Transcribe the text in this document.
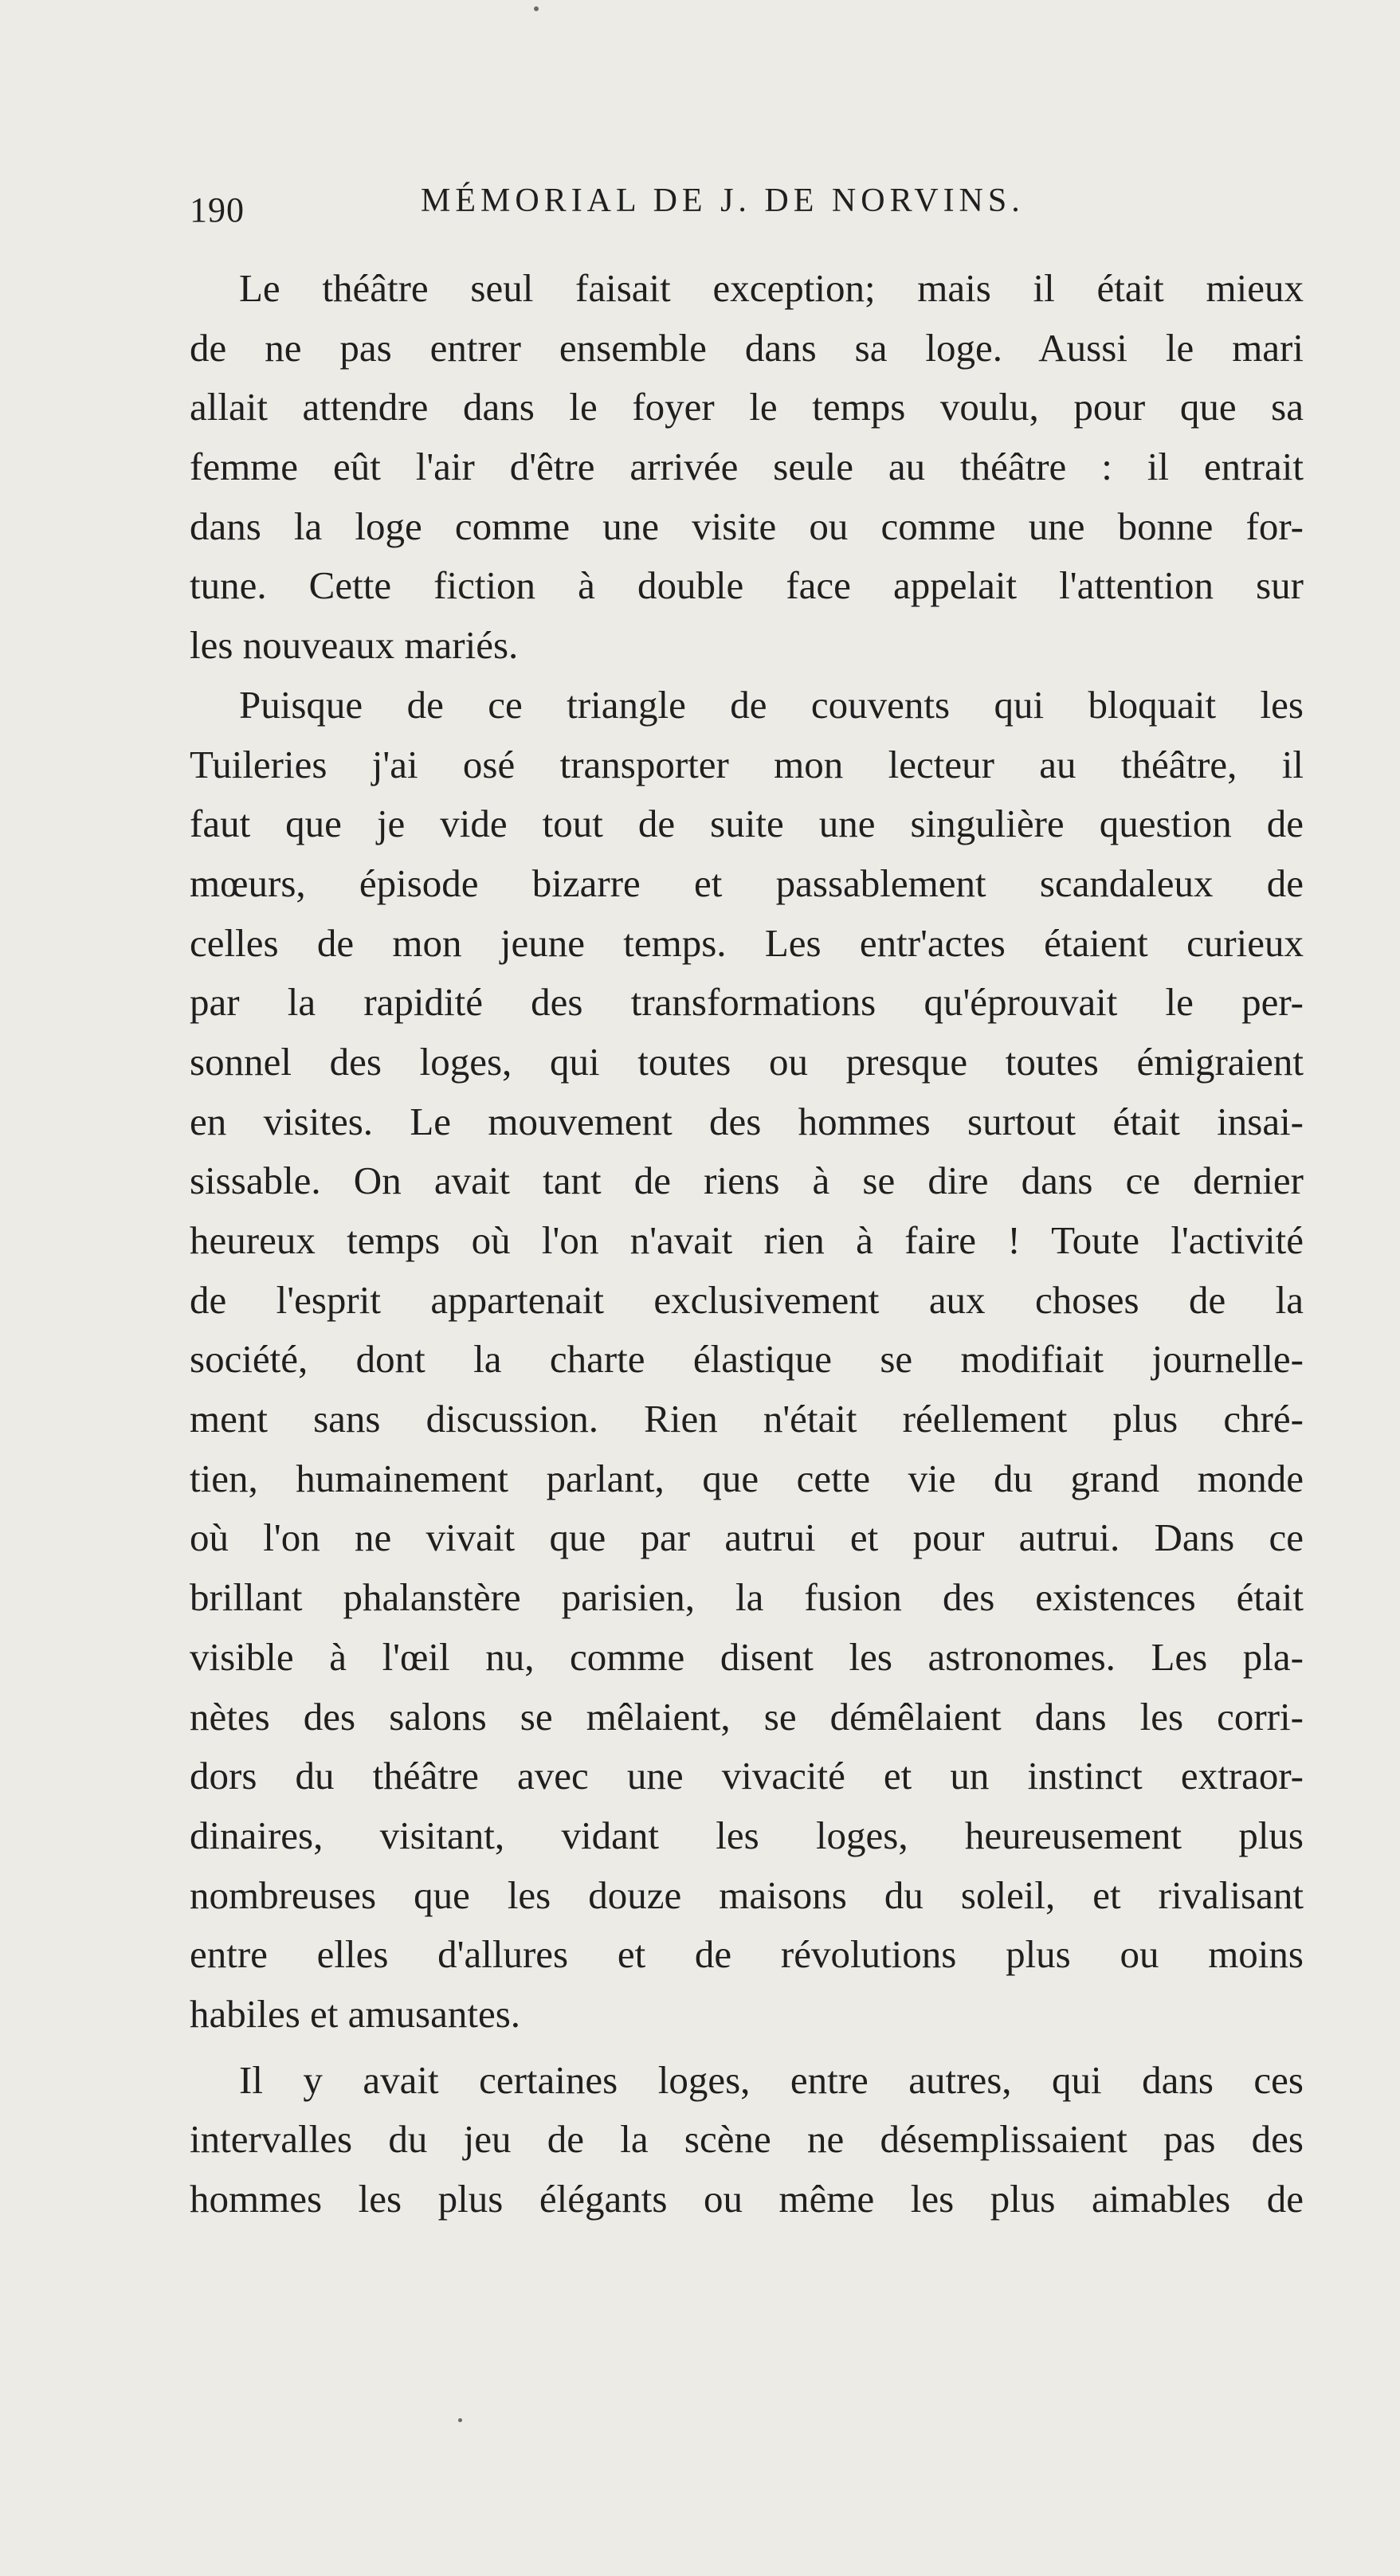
190	MÉMORIAL DE J. DE NORVINS.
Le théâtre seul faisait exception; mais il était mieux
de ne pas entrer ensemble dans sa loge. Aussi le mari
allait attendre dans le foyer le temps voulu, pour que sa
femme eût l'air d'être arrivée seule au théâtre : il entrait
dans la loge comme une visite ou comme une bonne for-
tune. Cette fiction à double face appelait l'attention sur
les nouveaux mariés.
Puisque de ce triangle de couvents qui bloquait les
Tuileries j'ai osé transporter mon lecteur au théâtre, il
faut que je vide tout de suite une singulière question de
mœurs, épisode bizarre et passablement scandaleux de
celles de mon jeune temps. Les entr'actes étaient curieux
par la rapidité des transformations qu'éprouvait le per-
sonnel des loges, qui toutes ou presque toutes émigraient
en visites. Le mouvement des hommes surtout était insai-
sissable. On avait tant de riens à se dire dans ce dernier
heureux temps où l'on n'avait rien à faire ! Toute l'activité
de l'esprit appartenait exclusivement aux choses de la
société, dont la charte élastique se modifiait journelle-
ment sans discussion. Rien n'était réellement plus chré-
tien, humainement parlant, que cette vie du grand monde
où l'on ne vivait que par autrui et pour autrui. Dans ce
brillant phalanstère parisien, la fusion des existences était
visible à l'œil nu, comme disent les astronomes. Les pla-
nètes des salons se mêlaient, se démêlaient dans les corri-
dors du théâtre avec une vivacité et un instinct extraor-
dinaires, visitant, vidant les loges, heureusement plus
nombreuses que les douze maisons du soleil, et rivalisant
entre elles d'allures et de révolutions plus ou moins
habiles et amusantes.
Il y avait certaines loges, entre autres, qui dans ces
intervalles du jeu de la scène ne désemplissaient pas des
hommes les plus élégants ou même les plus aimables de
